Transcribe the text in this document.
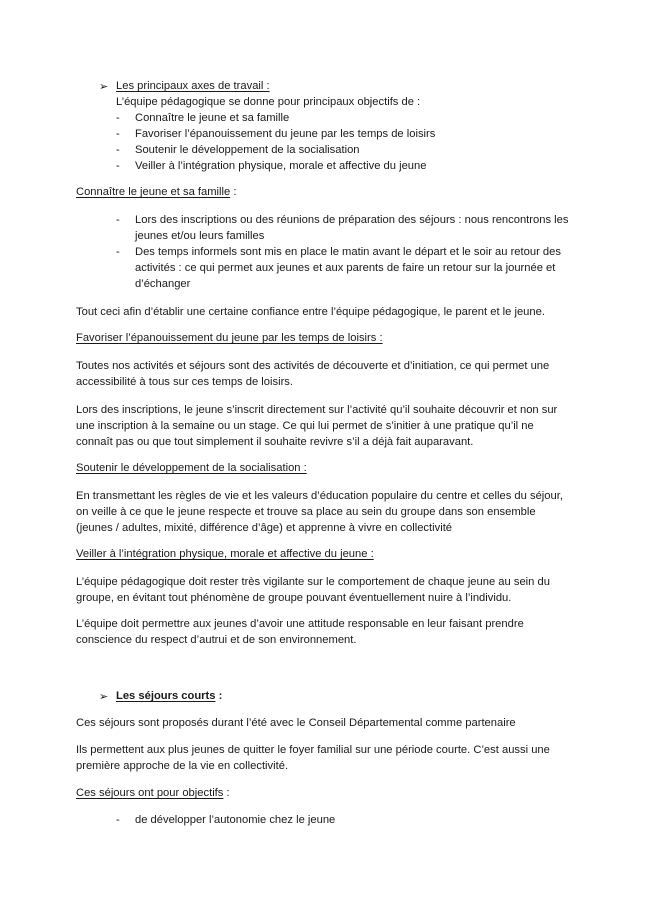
➢ Les principaux axes de travail :
L’équipe pédagogique se donne pour principaux objectifs de :
- Connaître le jeune et sa famille
- Favoriser l’épanouissement du jeune par les temps de loisirs
- Soutenir le développement de la socialisation
- Veiller à l’intégration physique, morale et affective du jeune
Connaître le jeune et sa famille :
- Lors des inscriptions ou des réunions de préparation des séjours : nous rencontrons les jeunes et/ou leurs familles
- Des temps informels sont mis en place le matin avant le départ et le soir au retour des activités : ce qui permet aux jeunes et aux parents de faire un retour sur la journée et d’échanger
Tout ceci afin d’établir une certaine confiance entre l’équipe pédagogique, le parent et le jeune.
Favoriser l’épanouissement du jeune par les temps de loisirs :
Toutes nos activités et séjours sont des activités de découverte et d’initiation, ce qui permet une accessibilité à tous sur ces temps de loisirs.
Lors des inscriptions, le jeune s’inscrit directement sur l’activité qu’il souhaite découvrir et non sur une inscription à la semaine ou un stage. Ce qui lui permet de s’initier à une pratique qu’il ne connaît pas ou que tout simplement il souhaite revivre s’il a déjà fait auparavant.
Soutenir le développement de la socialisation :
En transmettant les règles de vie et les valeurs d’éducation populaire du centre et celles du séjour, on veille à ce que le jeune respecte et trouve sa place au sein du groupe dans son ensemble (jeunes / adultes, mixité, différence d’âge) et apprenne à vivre en collectivité
Veiller à l’intégration physique, morale et affective du jeune :
L’équipe pédagogique doit rester très vigilante sur le comportement de chaque jeune au sein du groupe, en évitant tout phénomène de groupe pouvant éventuellement nuire à l’individu.
L’équipe doit permettre aux jeunes d’avoir une attitude responsable en leur faisant prendre conscience du respect d’autrui et de son environnement.
➢ Les séjours courts :
Ces séjours sont proposés durant l’été avec le Conseil Départemental comme partenaire
Ils permettent aux plus jeunes de quitter le foyer familial sur une période courte. C’est aussi une première approche de la vie en collectivité.
Ces séjours ont pour objectifs :
- de développer l’autonomie chez le jeune
